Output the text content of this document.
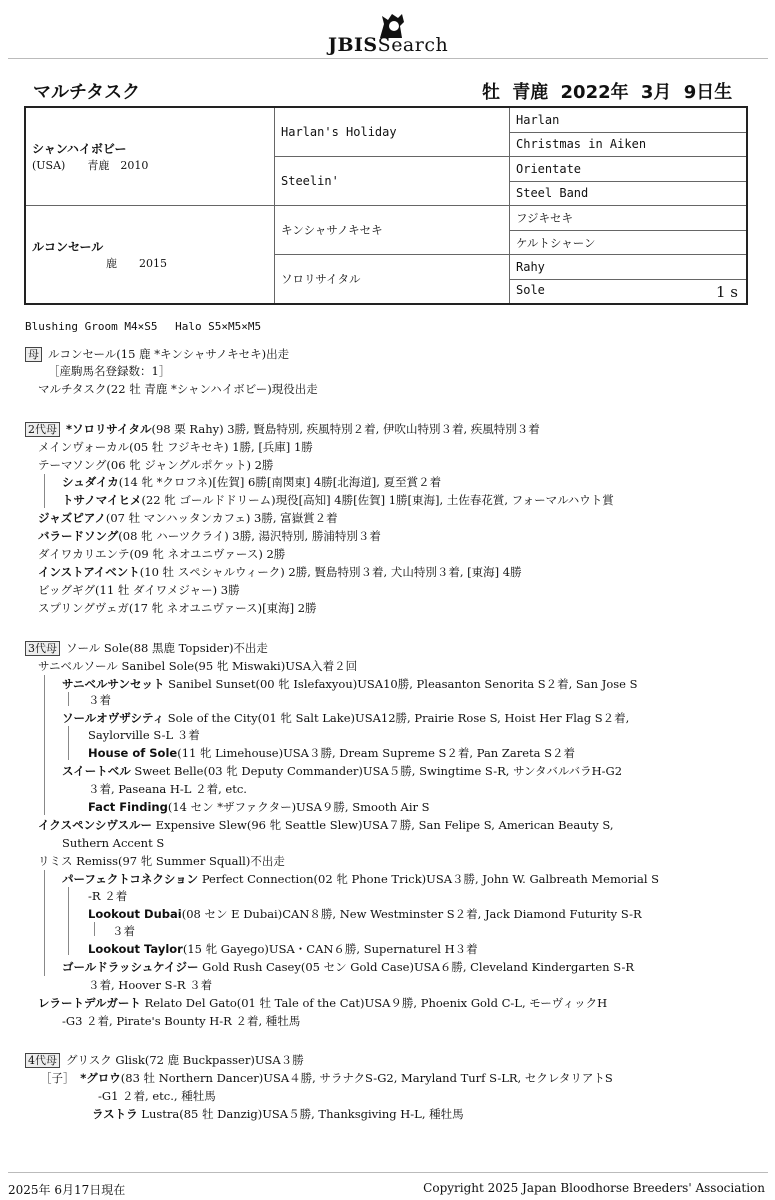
JBISSearch
マルチタスク	牡 青鹿 2022年 3月 9日生
シャンハイボビー
(USA)　　青鹿　2010	Harlan's Holiday	Harlan
		Christmas in Aiken
	Steelin'	Orientate
		Steel Band

ルコンセール
鹿　　2015	キンシャサノキセキ	フジキセキ
		ケルトシャーン
	ソロリサイタル	Rahy
		Sole 1 s
Blushing Groom M4×S5　 Halo S5×M5×M5
母 ルコンセール(15 鹿 *キンシャサノキセキ)出走
［産駒馬名登録数：1］
マルチタスク(22 牡 青鹿 *シャンハイボビー)現役出走
2代母 *ソロリサイタル(98 栗 Rahy) 3勝, 賢島特別, 疾風特別２着, 伊吹山特別３着, 疾風特別３着
メインヴォーカル(05 牡 フジキセキ) 1勝, [兵庫] 1勝
テーマソング(06 牝 ジャングルポケット) 2勝
シュダイカ(14 牝 *クロフネ)[佐賀] 6勝[南関東] 4勝[北海道], 夏至賞２着
トサノマイヒメ(22 牝 ゴールドドリーム)現役[高知] 4勝[佐賀] 1勝[東海], 土佐春花賞, フォーマルハウト賞
ジャズピアノ(07 牡 マンハッタンカフェ) 3勝, 富嶽賞２着
バラードソング(08 牝 ハーツクライ) 3勝, 湯沢特別, 勝浦特別３着
ダイワカリエンテ(09 牝 ネオユニヴァース) 2勝
インストアイベント(10 牡 スペシャルウィーク) 2勝, 賢島特別３着, 犬山特別３着, [東海] 4勝
ビッグギグ(11 牡 ダイワメジャー) 3勝
スプリングヴェガ(17 牝 ネオユニヴァース)[東海] 2勝
3代母 ソール Sole(88 黒鹿 Topsider)不出走
サニベルソール Sanibel Sole(95 牝 Miswaki)USA入着２回
サニベルサンセット Sanibel Sunset(00 牝 Islefaxyou)USA10勝, Pleasanton Senorita S２着, San Jose S
３着
ソールオヴザシティ Sole of the City(01 牝 Salt Lake)USA12勝, Prairie Rose S, Hoist Her Flag S２着,
Saylorville S-L ３着
House of Sole(11 牝 Limehouse)USA３勝, Dream Supreme S２着, Pan Zareta S２着
スイートベル Sweet Belle(03 牝 Deputy Commander)USA５勝, Swingtime S-R, サンタバルバラH-G2
３着, Paseana H-L ２着, etc.
Fact Finding(14 セン *ザファクター)USA９勝, Smooth Air S
イクスペンシヴスルー Expensive Slew(96 牝 Seattle Slew)USA７勝, San Felipe S, American Beauty S,
Suthern Accent S
リミス Remiss(97 牝 Summer Squall)不出走
パーフェクトコネクション Perfect Connection(02 牝 Phone Trick)USA３勝, John W. Galbreath Memorial S
-R ２着
Lookout Dubai(08 セン E Dubai)CAN８勝, New Westminster S２着, Jack Diamond Futurity S-R
３着
Lookout Taylor(15 牝 Gayego)USA・CAN６勝, Supernaturel H３着
ゴールドラッシュケイジー Gold Rush Casey(05 セン Gold Case)USA６勝, Cleveland Kindergarten S-R
３着, Hoover S-R ３着
レラートデルガート Relato Del Gato(01 牡 Tale of the Cat)USA９勝, Phoenix Gold C-L, モーヴィックH
-G3 ２着, Pirate's Bounty H-R ２着, 種牡馬
4代母 グリスク Glisk(72 鹿 Buckpasser)USA３勝
［子］　 *グロウ(83 牡 Northern Dancer)USA４勝, サラナクS-G2, Maryland Turf S-LR, セクレタリアトS
-G1 ２着, etc., 種牡馬
ラストラ Lustra(85 牡 Danzig)USA５勝, Thanksgiving H-L, 種牡馬
2025年 6月17日現在	Copyright 2025 Japan Bloodhorse Breeders' Association
